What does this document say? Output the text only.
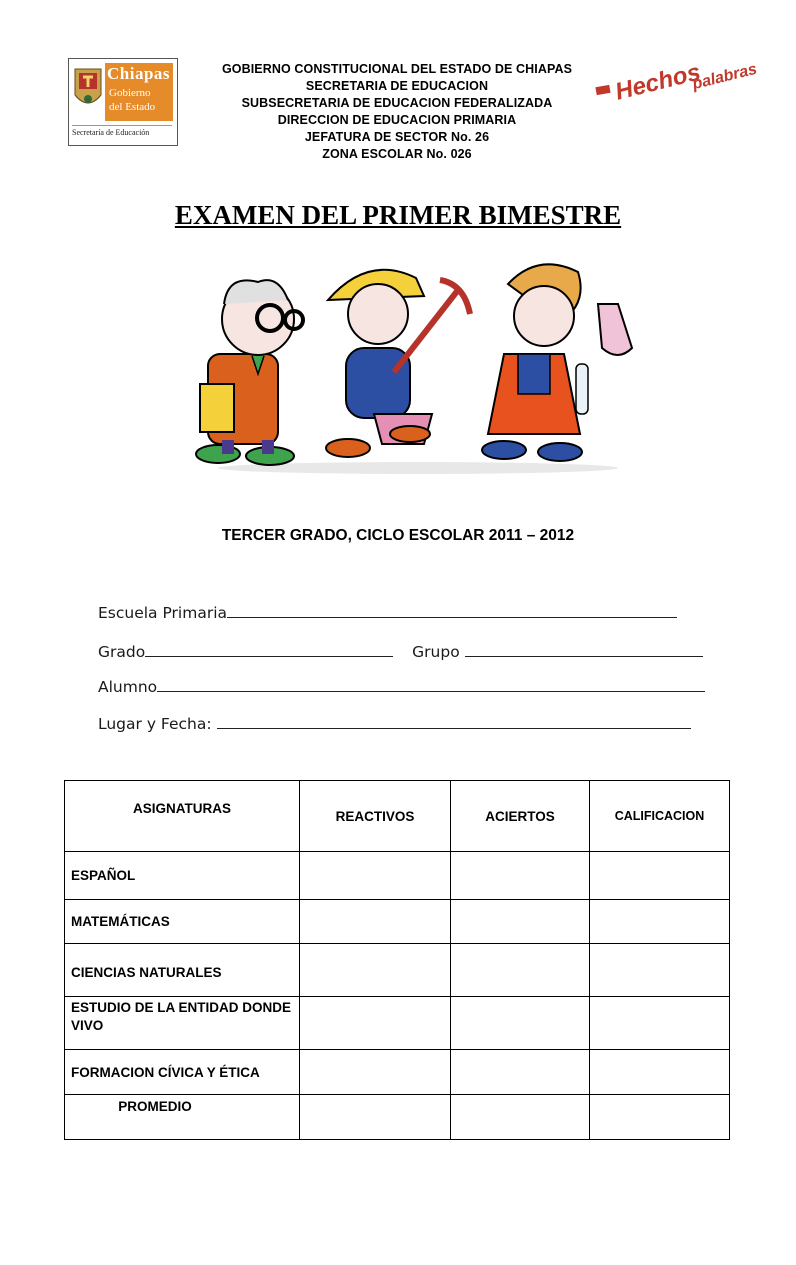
Chiapas
Gobierno
del Estado
Secretaría de Educación
GOBIERNO CONSTITUCIONAL DEL ESTADO DE CHIAPAS
SECRETARIA DE EDUCACION
SUBSECRETARIA DE EDUCACION FEDERALIZADA
DIRECCION DE EDUCACION PRIMARIA
JEFATURA DE SECTOR No. 26
ZONA ESCOLAR No. 026
Hechos
palabras
EXAMEN DEL PRIMER BIMESTRE
TERCER GRADO, CICLO ESCOLAR 2011 – 2012
Escuela Primaria
Grado	Grupo
Alumno
Lugar y Fecha:
ASIGNATURAS	REACTIVOS	ACIERTOS	CALIFICACION
ESPAÑOL			
MATEMÁTICAS			
CIENCIAS NATURALES			
ESTUDIO DE LA ENTIDAD DONDE VIVO			
FORMACION CÍVICA Y ÉTICA			
PROMEDIO			
